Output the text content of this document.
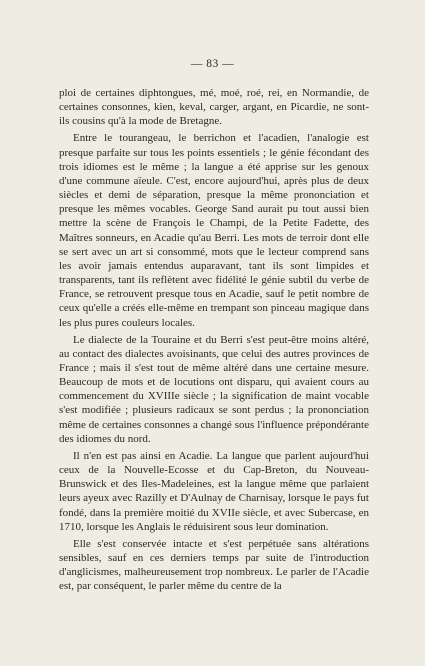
— 83 —

ploi de certaines diphtongues, mé, moé, roé, rei, en Normandie, de certaines consonnes, kien, keval, carger, argant, en Picardie, ne sont-ils cousins qu'à la mode de Bretagne.

Entre le tourangeau, le berrichon et l'acadien, l'analogie est presque parfaite sur tous les points essentiels ; le génie fécondant des trois idiomes est le même ; la langue a été apprise sur les genoux d'une commune aïeule. C'est, encore aujourd'hui, après plus de deux siècles et demi de séparation, presque la même prononciation et presque les mêmes vocables. George Sand aurait pu tout aussi bien mettre la scène de François le Champi, de la Petite Fadette, des Maîtres sonneurs, en Acadie qu'au Berri. Les mots de terroir dont elle se sert avec un art si consommé, mots que le lecteur comprend sans les avoir jamais entendus auparavant, tant ils sont limpides et transparents, tant ils reflètent avec fidélité le génie subtil du verbe de France, se retrouvent presque tous en Acadie, sauf le petit nombre de ceux qu'elle a créés elle-même en trempant son pinceau magique dans les plus pures couleurs locales.

Le dialecte de la Touraine et du Berri s'est peut-être moins altéré, au contact des dialectes avoisinants, que celui des autres provinces de France ; mais il s'est tout de même altéré dans une certaine mesure. Beaucoup de mots et de locutions ont disparu, qui avaient cours au commencement du XVIIIe siècle ; la signification de maint vocable s'est modifiée ; plusieurs radicaux se sont perdus ; la prononciation même de certaines consonnes a changé sous l'influence prépondérante des idiomes du nord.

Il n'en est pas ainsi en Acadie. La langue que parlent aujourd'hui ceux de la Nouvelle-Ecosse et du Cap-Breton, du Nouveau-Brunswick et des Iles-Madeleines, est la langue même que parlaient leurs ayeux avec Razilly et D'Aulnay de Charnisay, lorsque le pays fut fondé, dans la première moitié du XVIIe siècle, et avec Subercase, en 1710, lorsque les Anglais le réduisirent sous leur domination.

Elle s'est conservée intacte et s'est perpétuée sans altérations sensibles, sauf en ces derniers temps par suite de l'introduction d'anglicismes, malheureusement trop nombreux. Le parler de l'Acadie est, par conséquent, le parler même du centre de la
